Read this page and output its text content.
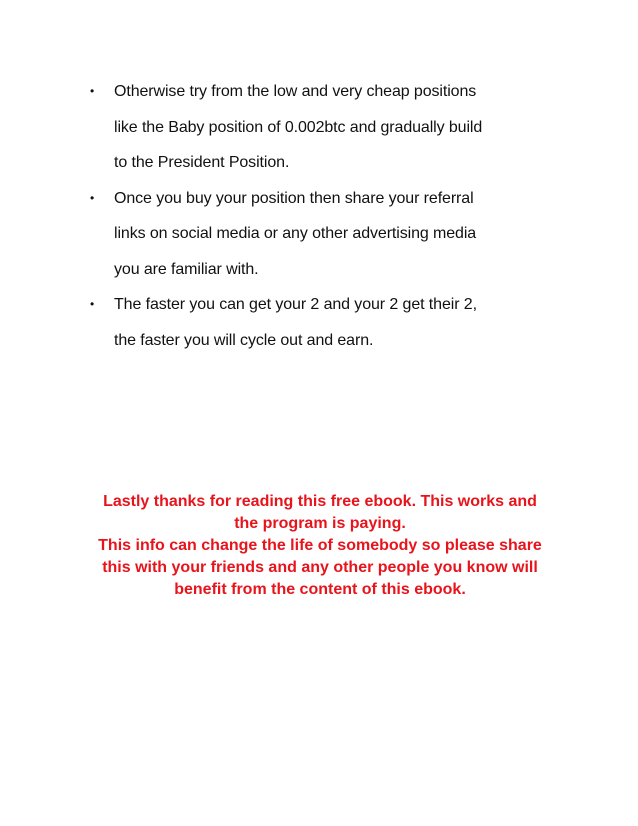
• Otherwise try from the low and very cheap positions
like the Baby position of 0.002btc and gradually build
to the President Position.
• Once you buy your position then share your referral
links on social media or any other advertising media
you are familiar with.
• The faster you can get your 2 and your 2 get their 2,
the faster you will cycle out and earn.

Lastly thanks for reading this free ebook. This works and
the program is paying.

This info can change the life of somebody so please share
this with your friends and any other people you know will
benefit from the content of this ebook.
